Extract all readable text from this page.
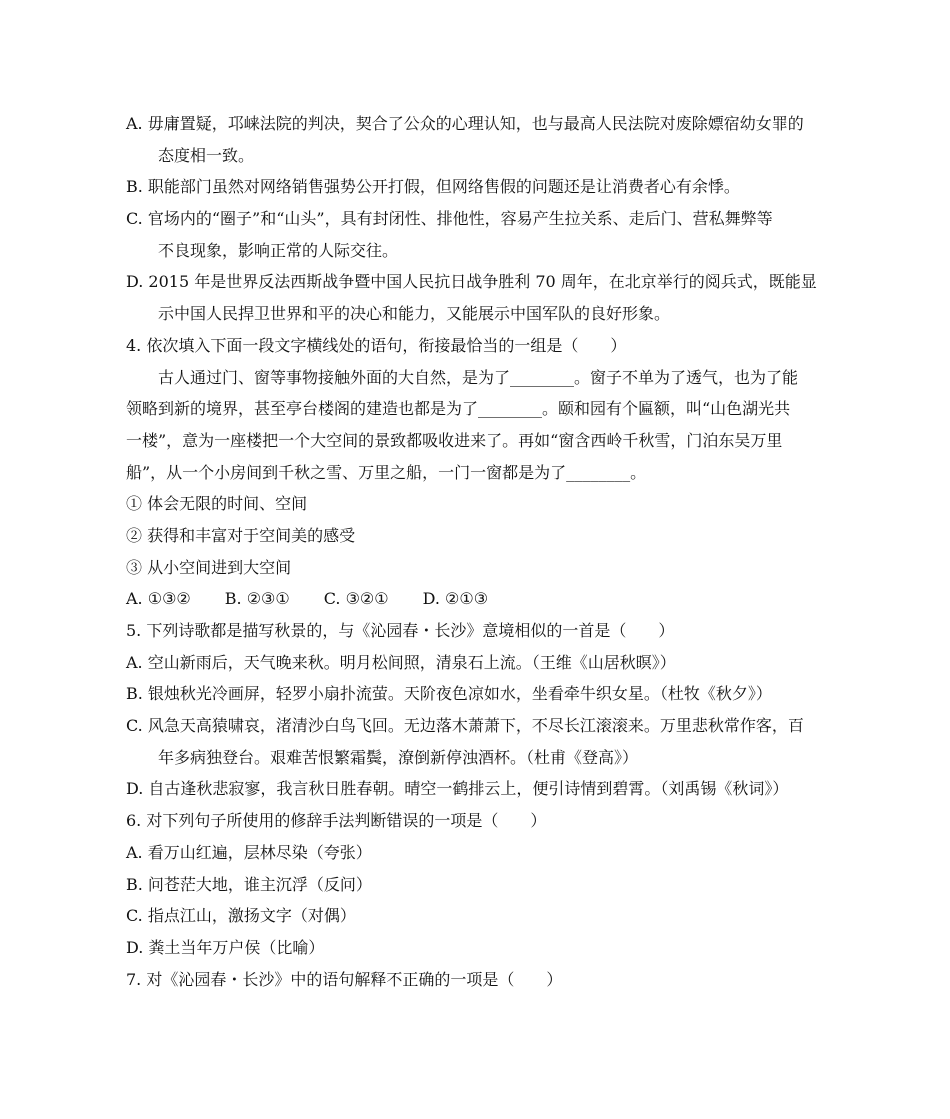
A. 毋庸置疑，邛崃法院的判决，契合了公众的心理认知，也与最高人民法院对废除嫖宿幼女罪的
态度相一致。
B. 职能部门虽然对网络销售强势公开打假，但网络售假的问题还是让消费者心有余悸。
C. 官场内的“圈子”和“山头”，具有封闭性、排他性，容易产生拉关系、走后门、营私舞弊等
不良现象，影响正常的人际交往。
D. 2015 年是世界反法西斯战争暨中国人民抗日战争胜利 70 周年，在北京举行的阅兵式，既能显
示中国人民捍卫世界和平的决心和能力，又能展示中国军队的良好形象。
4. 依次填入下面一段文字横线处的语句，衔接最恰当的一组是（　　）
古人通过门、窗等事物接触外面的大自然，是为了________。窗子不单为了透气，也为了能
领略到新的境界，甚至亭台楼阁的建造也都是为了________。颐和园有个匾额，叫“山色湖光共
一楼”，意为一座楼把一个大空间的景致都吸收进来了。再如“窗含西岭千秋雪，门泊东吴万里
船”，从一个小房间到千秋之雪、万里之船，一门一窗都是为了________。
① 体会无限的时间、空间
② 获得和丰富对于空间美的感受
③ 从小空间进到大空间
A. ①③② B. ②③① C. ③②① D. ②①③
5. 下列诗歌都是描写秋景的，与《沁园春・长沙》意境相似的一首是（　　）
A. 空山新雨后，天气晚来秋。明月松间照，清泉石上流。（王维《山居秋暝》）
B. 银烛秋光冷画屏，轻罗小扇扑流萤。天阶夜色凉如水，坐看牵牛织女星。（杜牧《秋夕》）
C. 风急天高猿啸哀，渚清沙白鸟飞回。无边落木萧萧下，不尽长江滚滚来。万里悲秋常作客，百
年多病独登台。艰难苦恨繁霜鬓，潦倒新停浊酒杯。（杜甫《登高》）
D. 自古逢秋悲寂寥，我言秋日胜春朝。晴空一鹤排云上，便引诗情到碧霄。（刘禹锡《秋词》）
6. 对下列句子所使用的修辞手法判断错误的一项是（　　）
A. 看万山红遍，层林尽染（夸张）
B. 问苍茫大地，谁主沉浮（反问）
C. 指点江山，激扬文字（对偶）
D. 粪土当年万户侯（比喻）
7. 对《沁园春・长沙》中的语句解释不正确的一项是（　　）
